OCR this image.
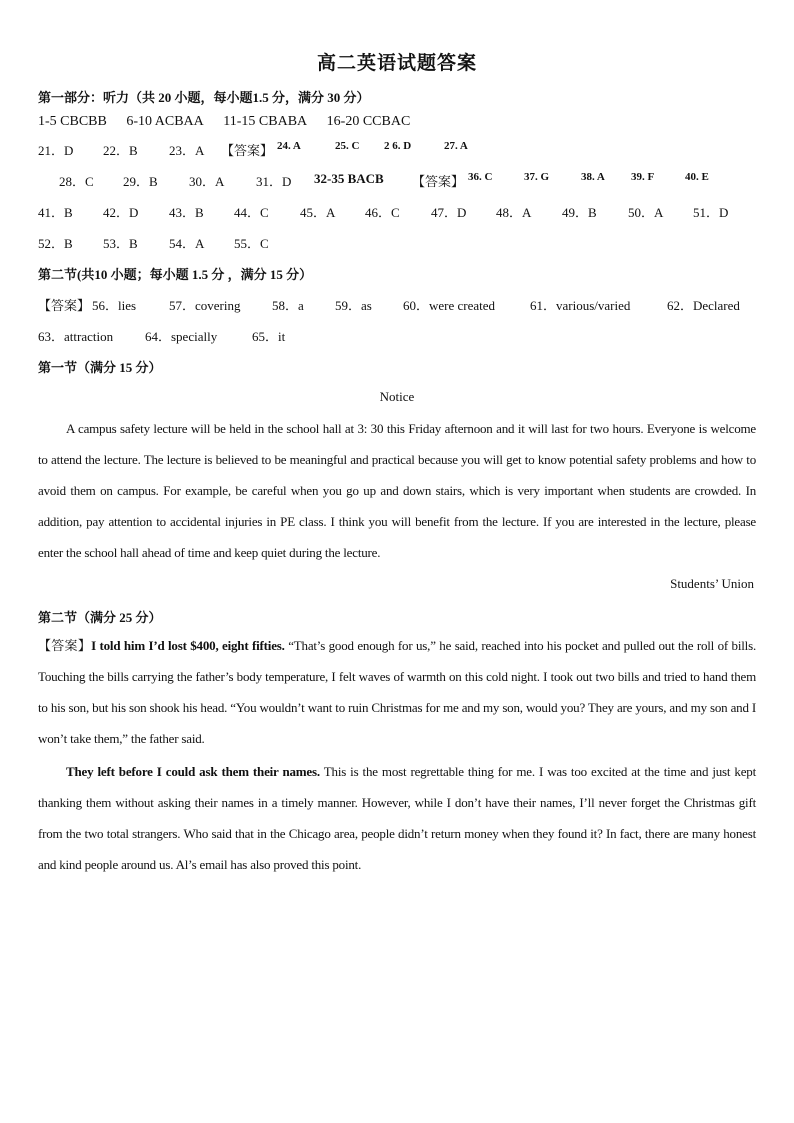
高二英语试题答案
第一部分：听力（共 20 小题，每小题1.5 分，满分 30 分）
1-5 CBCBB 6-10 ACBAA 11-15 CBABA 16-20 CCBAC
21．D 22．B 23．A 【答案】 24. A	25. C 2 6. D	27. A
28．C 29．B 30．A 31．D 32-35 BACB 【答案】 36. C	37. G	38. A 39. F	40. E
41．B 42．D 43．B 44．C 45．A 46．C 47．D 48．A 49．B 50．A 51．D
52．B 53．B 54．A 55．C
第二节(共10 小题；每小题 1.5 分 ，满分 15 分）
【答案】 56．lies	57．covering 58．a 59．as 60．were created	61．various/varied	62．Declared
63．attraction 64．specially	65．it
第一节（满分 15 分）
Notice
A campus safety lecture will be held in the school hall at 3: 30 this Friday afternoon and it will last for two hours. Everyone is welcome to attend the lecture. The lecture is believed to be meaningful and practical because you will get to know potential safety problems and how to avoid them on campus. For example, be careful when you go up and down stairs, which is very important when students are crowded. In addition, pay attention to accidental injuries in PE class. I think you will benefit from the lecture. If you are interested in the lecture, please enter the school hall ahead of time and keep quiet during the lecture.
Students’ Union
第二节（满分 25 分）
【答案】I told him I’d lost $400, eight fifties. “That’s good enough for us,” he said, reached into his pocket and pulled out the roll of bills. Touching the bills carrying the father’s body temperature, I felt waves of warmth on this cold night. I took out two bills and tried to hand them to his son, but his son shook his head. “You wouldn’t want to ruin Christmas for me and my son, would you? They are yours, and my son and I won’t take them,” the father said.
They left before I could ask them their names. This is the most regrettable thing for me. I was too excited at the time and just kept thanking them without asking their names in a timely manner. However, while I don’t have their names, I’ll never forget the Christmas gift from the two total strangers. Who said that in the Chicago area, people didn’t return money when they found it? In fact, there are many honest and kind people around us. Al’s email has also proved this point.
